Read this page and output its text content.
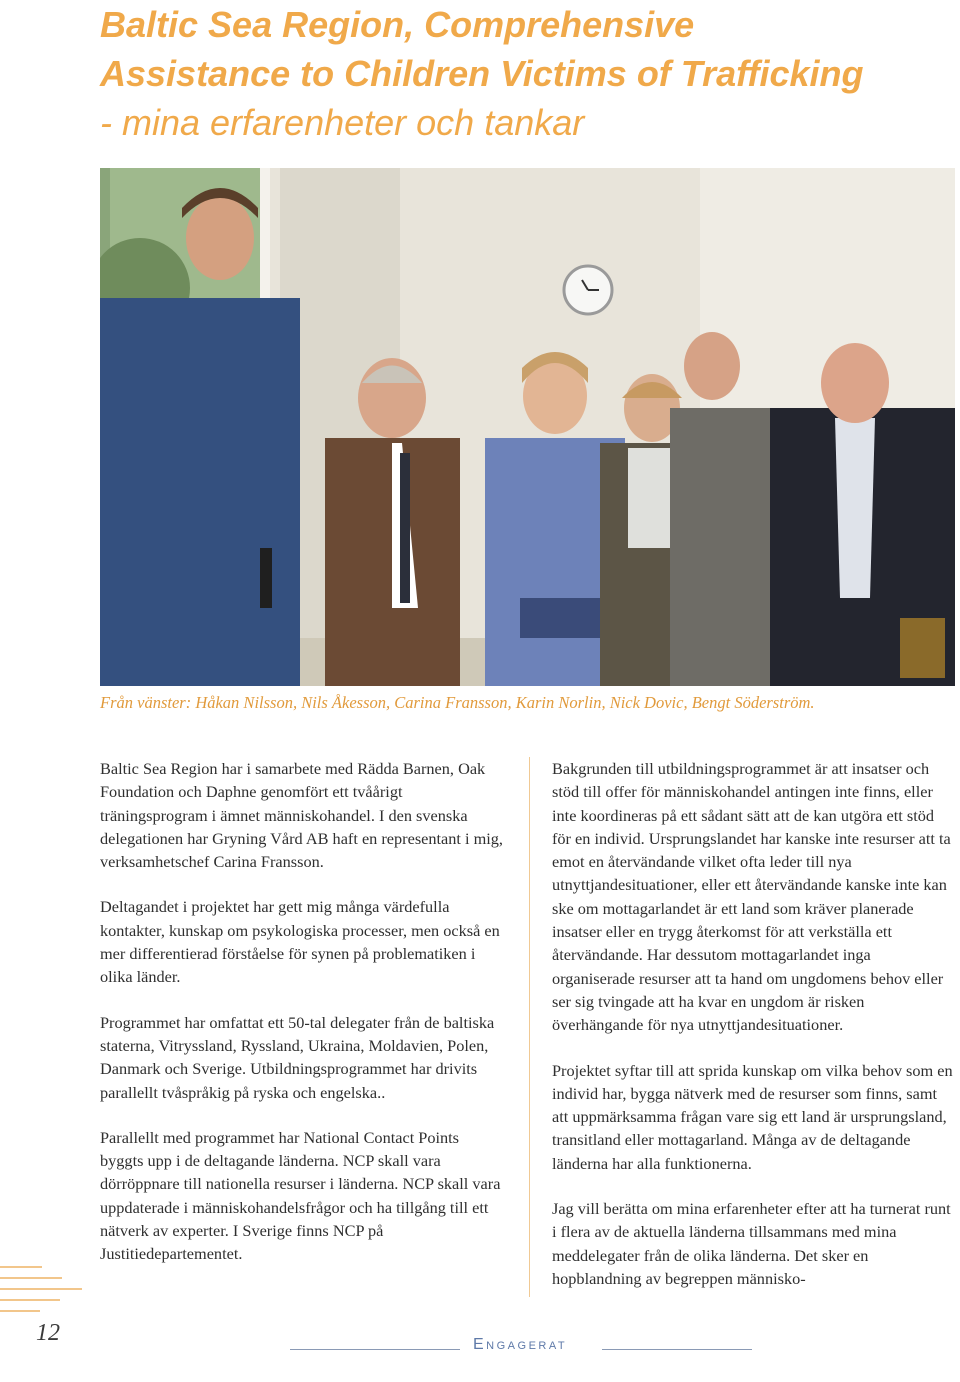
Baltic Sea Region, Comprehensive
Assistance to Children Victims of Trafficking
- mina erfarenheter och tankar
Från vänster: Håkan Nilsson, Nils Åkesson, Carina Fransson, Karin Norlin, Nick Dovic, Bengt Söderström.

Baltic Sea Region har i samarbete med Rädda Barnen, Oak Foundation och Daphne genomfört ett tvåårigt träningsprogram i ämnet människohandel. I den svenska delegationen har Gryning Vård AB haft en representant i mig, verksamhetschef Carina Fransson.

Deltagandet i projektet har gett mig många värdefulla kontakter, kunskap om psykologiska processer, men också en mer differentierad förståelse för synen på problematiken i olika länder.

Programmet har omfattat ett 50-tal delegater från de baltiska staterna, Vitryssland, Ryssland, Ukraina, Moldavien, Polen, Danmark och Sverige. Utbildningsprogrammet har drivits parallellt tvåspråkig på ryska och engelska..

Parallellt med programmet har National Contact Points byggts upp i de deltagande länderna. NCP skall vara dörröppnare till nationella resurser i länderna. NCP skall vara uppdaterade i människohandelsfrågor och ha tillgång till ett nätverk av experter. I Sverige finns NCP på Justitiedepartementet.

Bakgrunden till utbildningsprogrammet är att insatser och stöd till offer för människohandel antingen inte finns, eller inte koordineras på ett sådant sätt att de kan utgöra ett stöd för en individ. Ursprungslandet har kanske inte resurser att ta emot en återvändande vilket ofta leder till nya utnyttjandesituationer, eller ett återvändande kanske inte kan ske om mottagarlandet är ett land som kräver planerade insatser eller en trygg återkomst för att verkställa ett återvändande. Har dessutom mottagarlandet inga organiserade resurser att ta hand om ungdomens behov eller ser sig tvingade att ha kvar en ungdom är risken överhängande för nya utnyttjandesituationer.

Projektet syftar till att sprida kunskap om vilka behov som en individ har, bygga nätverk med de resurser som finns, samt att uppmärksamma frågan vare sig ett land är ursprungsland, transitland eller mottagarland. Många av de deltagande länderna har alla funktionerna.

Jag vill berätta om mina erfarenheter efter att ha turnerat runt i flera av de aktuella länderna tillsammans med mina meddelegater från de olika länderna. Det sker en hopblandning av begreppen människo-

12	Engagerat
